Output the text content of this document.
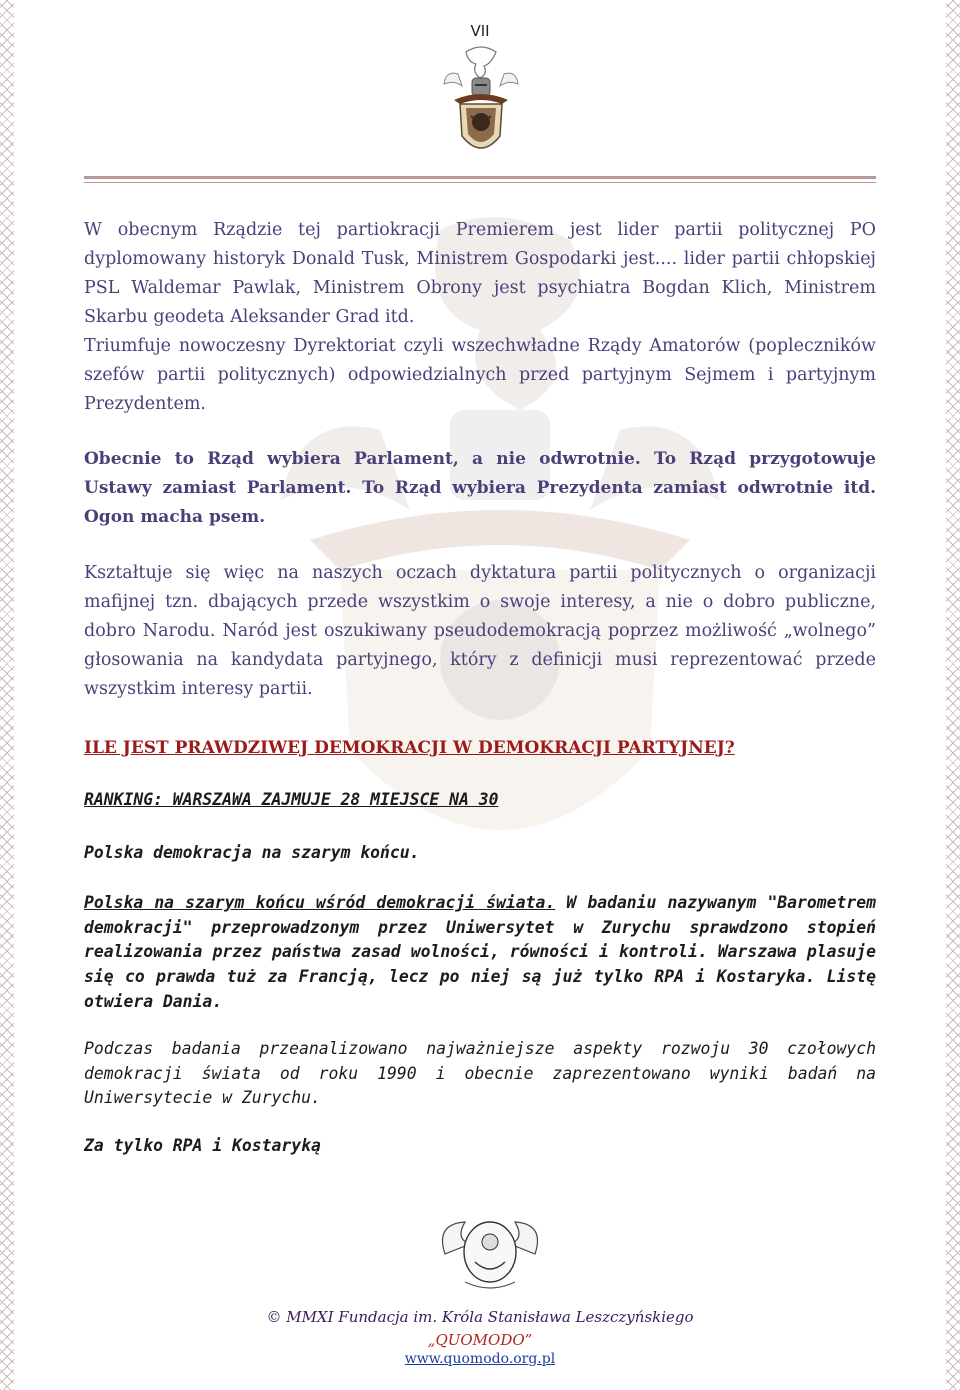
VII

W obecnym Rządzie tej partiokracji Premierem jest lider partii politycznej PO dyplomowany historyk Donald Tusk, Ministrem Gospodarki jest.... lider partii chłopskiej PSL Waldemar Pawlak, Ministrem Obrony jest psychiatra Bogdan Klich, Ministrem Skarbu geodeta Aleksander Grad itd.

Triumfuje nowoczesny Dyrektoriat czyli wszechwładne Rządy Amatorów (popleczników szefów partii politycznych) odpowiedzialnych przed partyjnym Sejmem i partyjnym Prezydentem.

Obecnie to Rząd wybiera Parlament, a nie odwrotnie. To Rząd przygotowuje Ustawy zamiast Parlament. To Rząd wybiera Prezydenta zamiast odwrotnie itd. Ogon macha psem.

Kształtuje się więc na naszych oczach dyktatura partii politycznych o organizacji mafijnej tzn. dbających przede wszystkim o swoje interesy, a nie o dobro publiczne, dobro Narodu. Naród jest oszukiwany pseudodemokracją poprzez możliwość „wolnego” głosowania na kandydata partyjnego, który z definicji musi reprezentować przede wszystkim interesy partii.

ILE JEST PRAWDZIWEJ DEMOKRACJI W DEMOKRACJI PARTYJNEJ?

RANKING: WARSZAWA ZAJMUJE 28 MIEJSCE NA 30

Polska demokracja na szarym końcu.

Polska na szarym końcu wśród demokracji świata. W badaniu nazywanym "Barometrem demokracji" przeprowadzonym przez Uniwersytet w Zurychu sprawdzono stopień realizowania przez państwa zasad wolności, równości i kontroli. Warszawa plasuje się co prawda tuż za Francją, lecz po niej są już tylko RPA i Kostaryka. Listę otwiera Dania.

Podczas badania przeanalizowano najważniejsze aspekty rozwoju 30 czołowych demokracji świata od roku 1990 i obecnie zaprezentowano wyniki badań na Uniwersytecie w Zurychu.

Za tylko RPA i Kostaryką

© MMXI Fundacja im. Króla Stanisława Leszczyńskiego
„QUOMODO”
www.quomodo.org.pl
